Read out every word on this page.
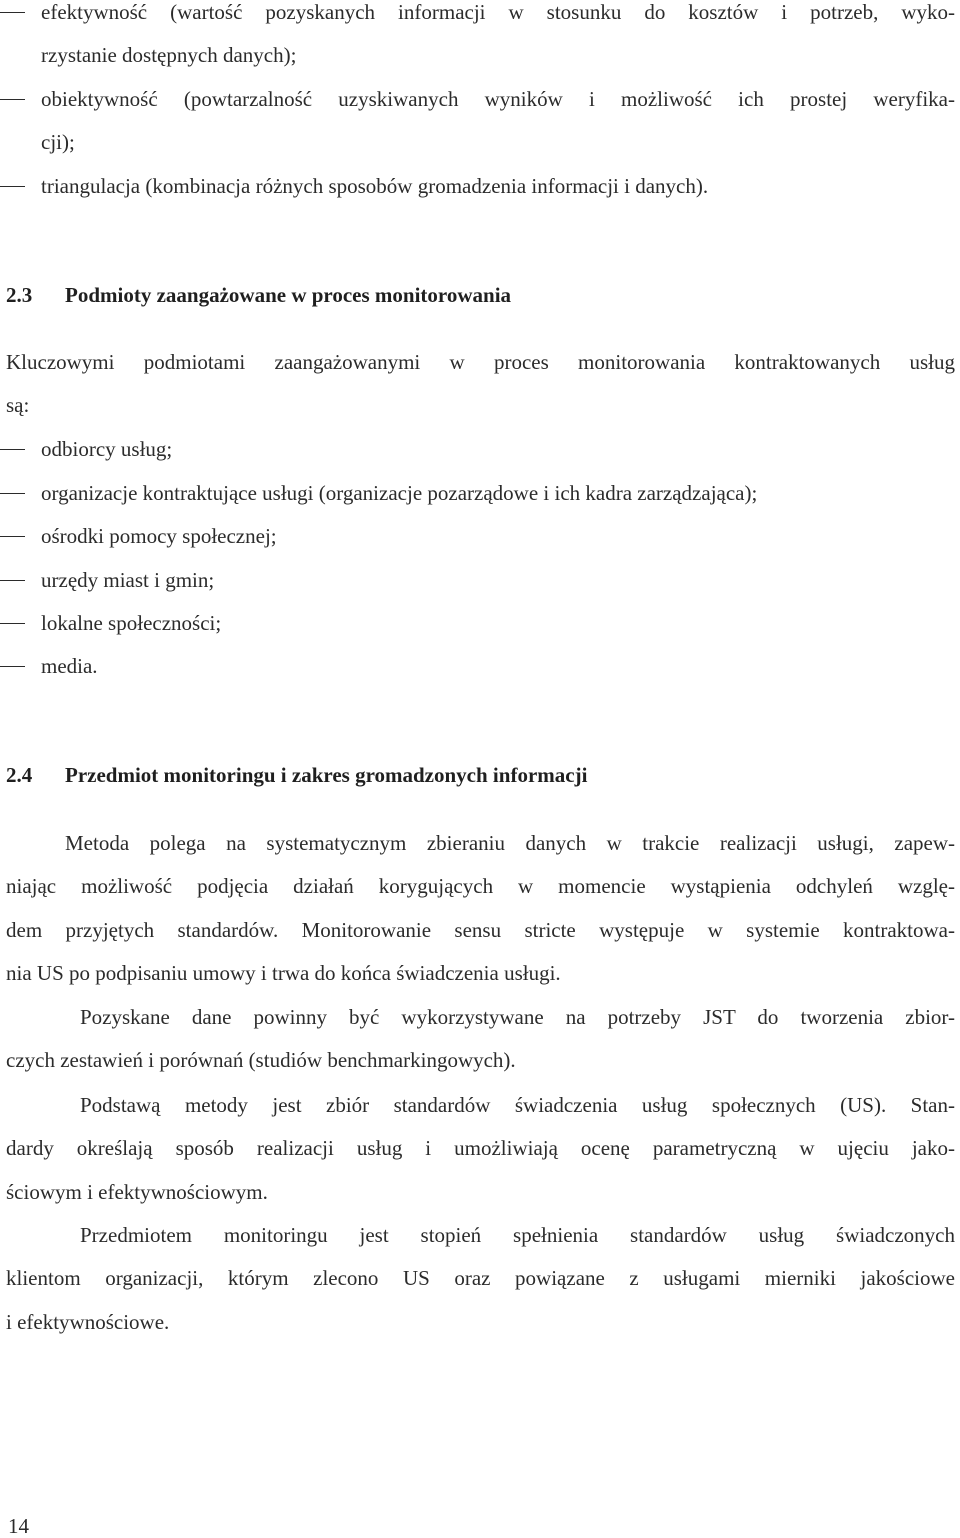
efektywność (wartość pozyskanych informacji w stosunku do kosztów i potrzeb, wyko-
rzystanie dostępnych danych);
obiektywność (powtarzalność uzyskiwanych wyników i możliwość ich prostej weryfika-
cji);
triangulacja (kombinacja różnych sposobów gromadzenia informacji i danych).
2.3 Podmioty zaangażowane w proces monitorowania
Kluczowymi podmiotami zaangażowanymi w proces monitorowania kontraktowanych usług
są:
odbiorcy usług;
organizacje kontraktujące usługi (organizacje pozarządowe i ich kadra zarządzająca);
ośrodki pomocy społecznej;
urzędy miast i gmin;
lokalne społeczności;
media.
2.4 Przedmiot monitoringu i zakres gromadzonych informacji
Metoda polega na systematycznym zbieraniu danych w trakcie realizacji usługi, zapew-
niając możliwość podjęcia działań korygujących w momencie wystąpienia odchyleń wzglę-
dem przyjętych standardów. Monitorowanie sensu stricte występuje w systemie kontraktowa-
nia US po podpisaniu umowy i trwa do końca świadczenia usługi.
Pozyskane dane powinny być wykorzystywane na potrzeby JST do tworzenia zbior-
czych zestawień i porównań (studiów benchmarkingowych).
Podstawą metody jest zbiór standardów świadczenia usług społecznych (US). Stan-
dardy określają sposób realizacji usług i umożliwiają ocenę parametryczną w ujęciu jako-
ściowym i efektywnościowym.
Przedmiotem monitoringu jest stopień spełnienia standardów usług świadczonych
klientom organizacji, którym zlecono US oraz powiązane z usługami mierniki jakościowe
i efektywnościowe.
14
